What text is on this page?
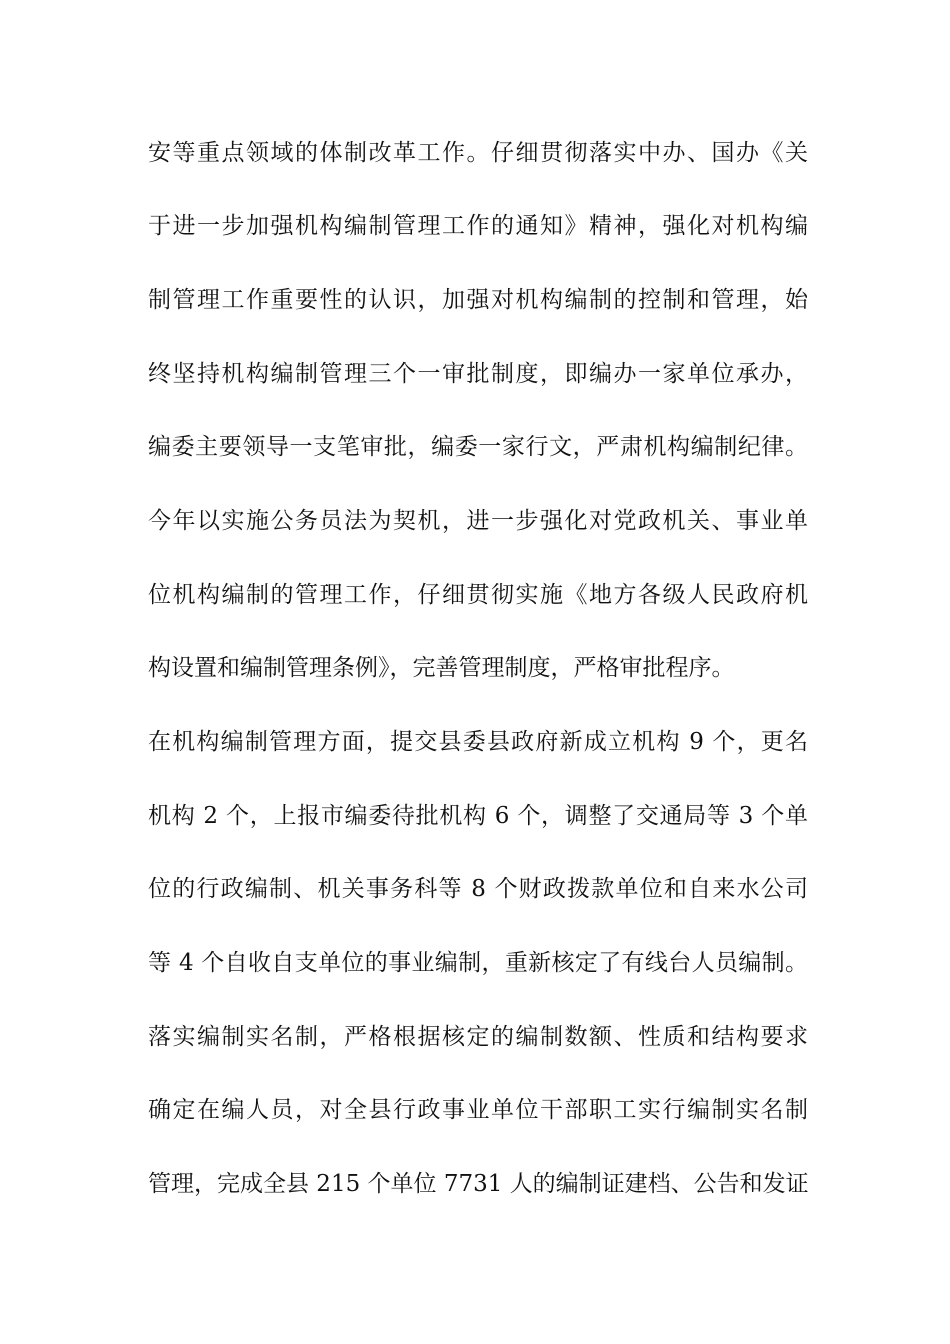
安等重点领域的体制改革工作。仔细贯彻落实中办、国办《关
于进一步加强机构编制管理工作的通知》精神，强化对机构编
制管理工作重要性的认识，加强对机构编制的控制和管理，始
终坚持机构编制管理三个一审批制度，即编办一家单位承办，
编委主要领导一支笔审批，编委一家行文，严肃机构编制纪律。
今年以实施公务员法为契机，进一步强化对党政机关、事业单
位机构编制的管理工作，仔细贯彻实施《地方各级人民政府机
构设置和编制管理条例》，完善管理制度，严格审批程序。
在机构编制管理方面，提交县委县政府新成立机构 9 个，更名
机构 2 个，上报市编委待批机构 6 个，调整了交通局等 3 个单
位的行政编制、机关事务科等 8 个财政拨款单位和自来水公司
等 4 个自收自支单位的事业编制，重新核定了有线台人员编制。
落实编制实名制，严格根据核定的编制数额、性质和结构要求
确定在编人员，对全县行政事业单位干部职工实行编制实名制
管理，完成全县 215 个单位 7731 人的编制证建档、公告和发证
